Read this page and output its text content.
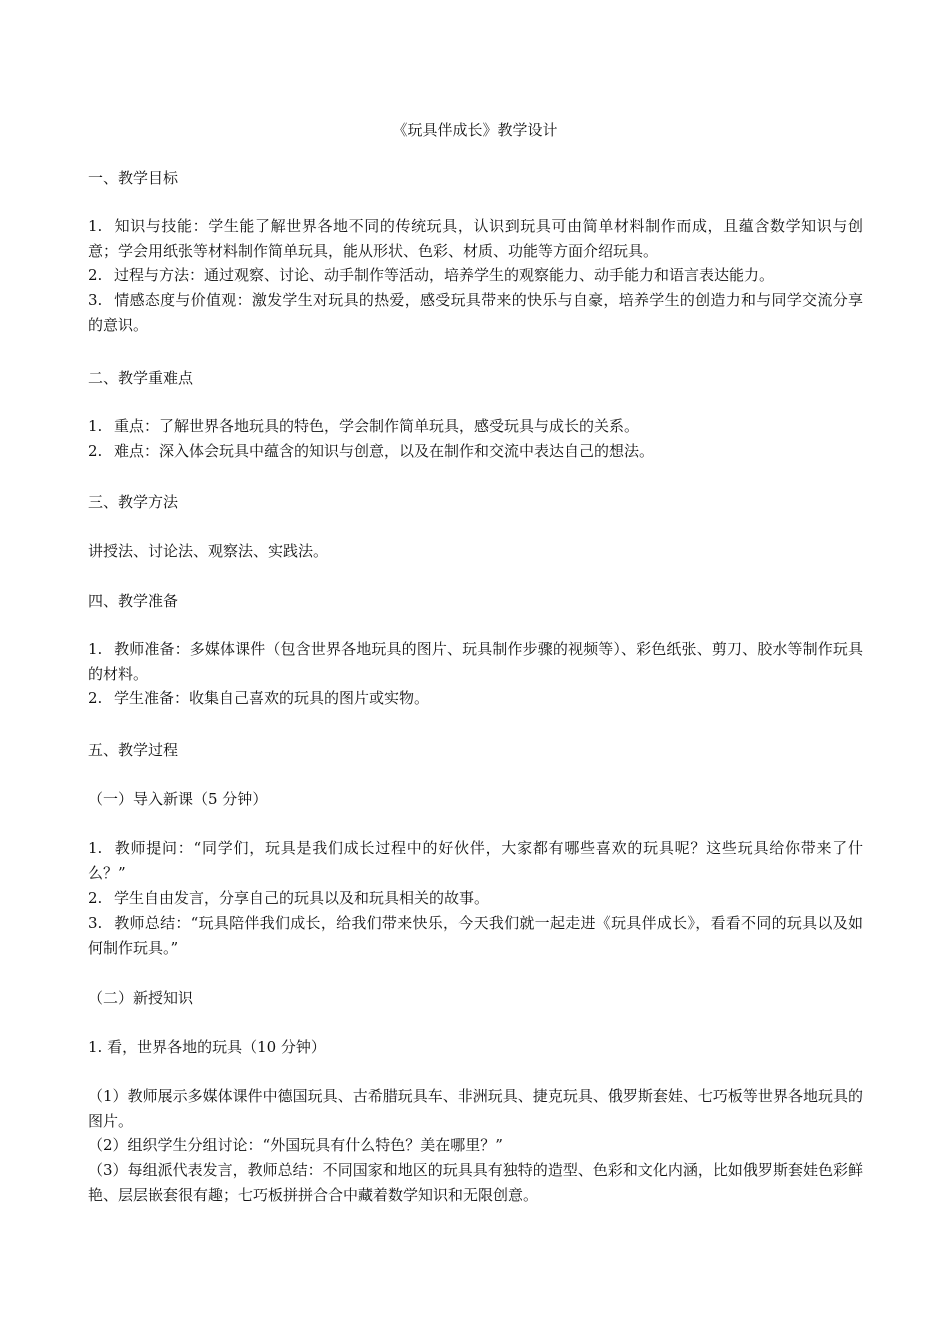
《玩具伴成长》教学设计

一、教学目标

1. 知识与技能：学生能了解世界各地不同的传统玩具，认识到玩具可由简单材料制作而成，且蕴含数学知识与创意；学会用纸张等材料制作简单玩具，能从形状、色彩、材质、功能等方面介绍玩具。

2. 过程与方法：通过观察、讨论、动手制作等活动，培养学生的观察能力、动手能力和语言表达能力。

3. 情感态度与价值观：激发学生对玩具的热爱，感受玩具带来的快乐与自豪，培养学生的创造力和与同学交流分享的意识。

二、教学重难点

1. 重点：了解世界各地玩具的特色，学会制作简单玩具，感受玩具与成长的关系。

2. 难点：深入体会玩具中蕴含的知识与创意，以及在制作和交流中表达自己的想法。

三、教学方法

讲授法、讨论法、观察法、实践法。

四、教学准备

1. 教师准备：多媒体课件（包含世界各地玩具的图片、玩具制作步骤的视频等）、彩色纸张、剪刀、胶水等制作玩具的材料。

2. 学生准备：收集自己喜欢的玩具的图片或实物。

五、教学过程

（一）导入新课（5 分钟）

1. 教师提问：“同学们，玩具是我们成长过程中的好伙伴，大家都有哪些喜欢的玩具呢？这些玩具给你带来了什么？”

2. 学生自由发言，分享自己的玩具以及和玩具相关的故事。

3. 教师总结：“玩具陪伴我们成长，给我们带来快乐，今天我们就一起走进《玩具伴成长》，看看不同的玩具以及如何制作玩具。”

（二）新授知识

1. 看，世界各地的玩具（10 分钟）

（1）教师展示多媒体课件中德国玩具、古希腊玩具车、非洲玩具、捷克玩具、俄罗斯套娃、七巧板等世界各地玩具的图片。

（2）组织学生分组讨论：“外国玩具有什么特色？美在哪里？”

（3）每组派代表发言，教师总结：不同国家和地区的玩具具有独特的造型、色彩和文化内涵，比如俄罗斯套娃色彩鲜艳、层层嵌套很有趣；七巧板拼拼合合中藏着数学知识和无限创意。
